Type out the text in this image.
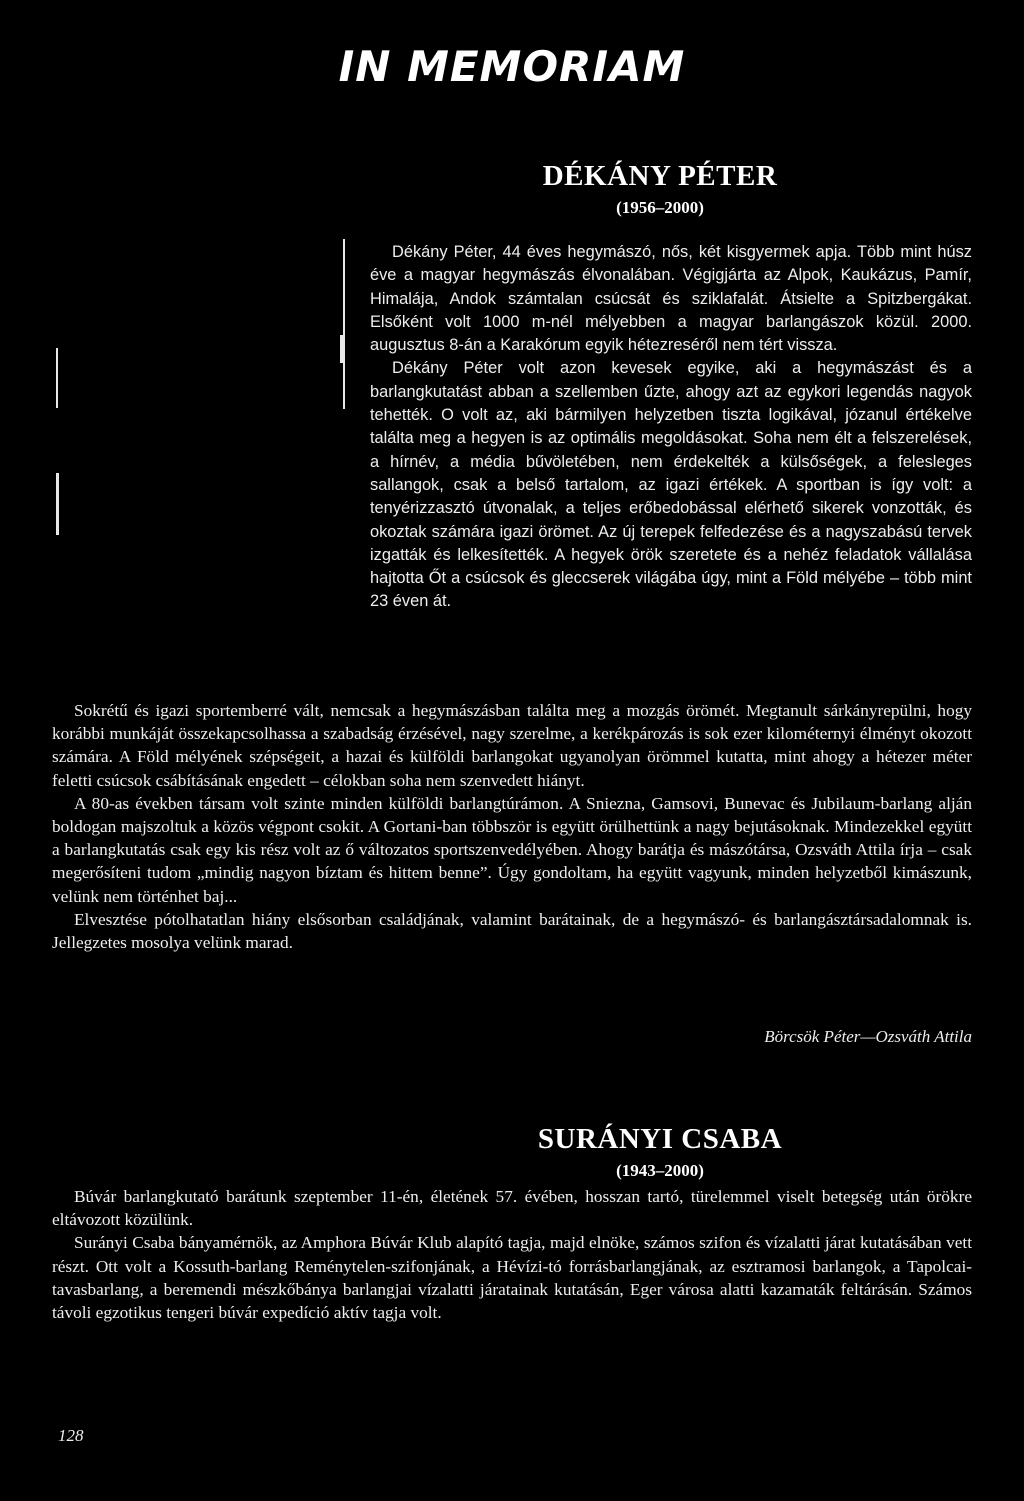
IN MEMORIAM
DÉKÁNY PÉTER
(1956–2000)

Dékány Péter, 44 éves hegymászó, nős, két kisgyermek apja. Több mint húsz éve a magyar hegymászás élvonalában. Végigjárta az Alpok, Kaukázus, Pamír, Himalája, Andok számtalan csúcsát és sziklafalát. Átsielte a Spitzbergákat. Elsőként volt 1000 m-nél mélyebben a magyar barlangászok közül. 2000. augusztus 8-án a Karakórum egyik hétezreséről nem tért vissza.

Dékány Péter volt azon kevesek egyike, aki a hegymászást és a barlangkutatást abban a szellemben űzte, ahogy azt az egykori legendás nagyok tehették. O volt az, aki bármilyen helyzetben tiszta logikával, józanul értékelve találta meg a hegyen is az optimális megoldásokat. Soha nem élt a felszerelések, a hírnév, a média bűvöletében, nem érdekelték a külsőségek, a felesleges sallangok, csak a belső tartalom, az igazi értékek. A sportban is így volt: a tenyérizzasztó útvonalak, a teljes erőbedobással elérhető sikerek vonzották, és okoztak számára igazi örömet. Az új terepek felfedezése és a nagyszabású tervek izgatták és lelkesítették. A hegyek örök szeretete és a nehéz feladatok vállalása hajtotta Őt a csúcsok és gleccserek világába úgy, mint a Föld mélyébe – több mint 23 éven át.

Sokrétű és igazi sportemberré vált, nemcsak a hegymászásban találta meg a mozgás örömét. Megtanult sárkányrepülni, hogy korábbi munkáját összekapcsolhassa a szabadság érzésével, nagy szerelme, a kerékpározás is sok ezer kilométernyi élményt okozott számára. A Föld mélyének szépségeit, a hazai és külföldi barlangokat ugyanolyan örömmel kutatta, mint ahogy a hétezer méter feletti csúcsok csábításának engedett – célokban soha nem szenvedett hiányt.

A 80-as években társam volt szinte minden külföldi barlangtúrámon. A Sniezna, Gamsovi, Bunevac és Jubilaum-barlang alján boldogan majszoltuk a közös végpont csokit. A Gortani-ban többször is együtt örülhettünk a nagy bejutásoknak. Mindezekkel együtt a barlangkutatás csak egy kis rész volt az ő változatos sportszenvedélyében. Ahogy barátja és mászótársa, Ozsváth Attila írja – csak megerősíteni tudom „mindig nagyon bíztam és hittem benne”. Úgy gondoltam, ha együtt vagyunk, minden helyzetből kimászunk, velünk nem történhet baj...

Elvesztése pótolhatatlan hiány elsősorban családjának, valamint barátainak, de a hegymászó- és barlangásztársadalomnak is. Jellegzetes mosolya velünk marad.

Börcsök Péter—Ozsváth Attila
SURÁNYI CSABA
(1943–2000)

Búvár barlangkutató barátunk szeptember 11-én, életének 57. évében, hosszan tartó, türelemmel viselt betegség után örökre eltávozott közülünk.

Surányi Csaba bányamérnök, az Amphora Búvár Klub alapító tagja, majd elnöke, számos szifon és vízalatti járat kutatásában vett részt. Ott volt a Kossuth-barlang Reménytelen-szifonjának, a Hévízi-tó forrásbarlangjának, az esztramosi barlangok, a Tapolcai-tavasbarlang, a beremendi mészkőbánya barlangjai vízalatti járatainak kutatásán, Eger városa alatti kazamaták feltárásán. Számos távoli egzotikus tengeri búvár expedíció aktív tagja volt.

128
